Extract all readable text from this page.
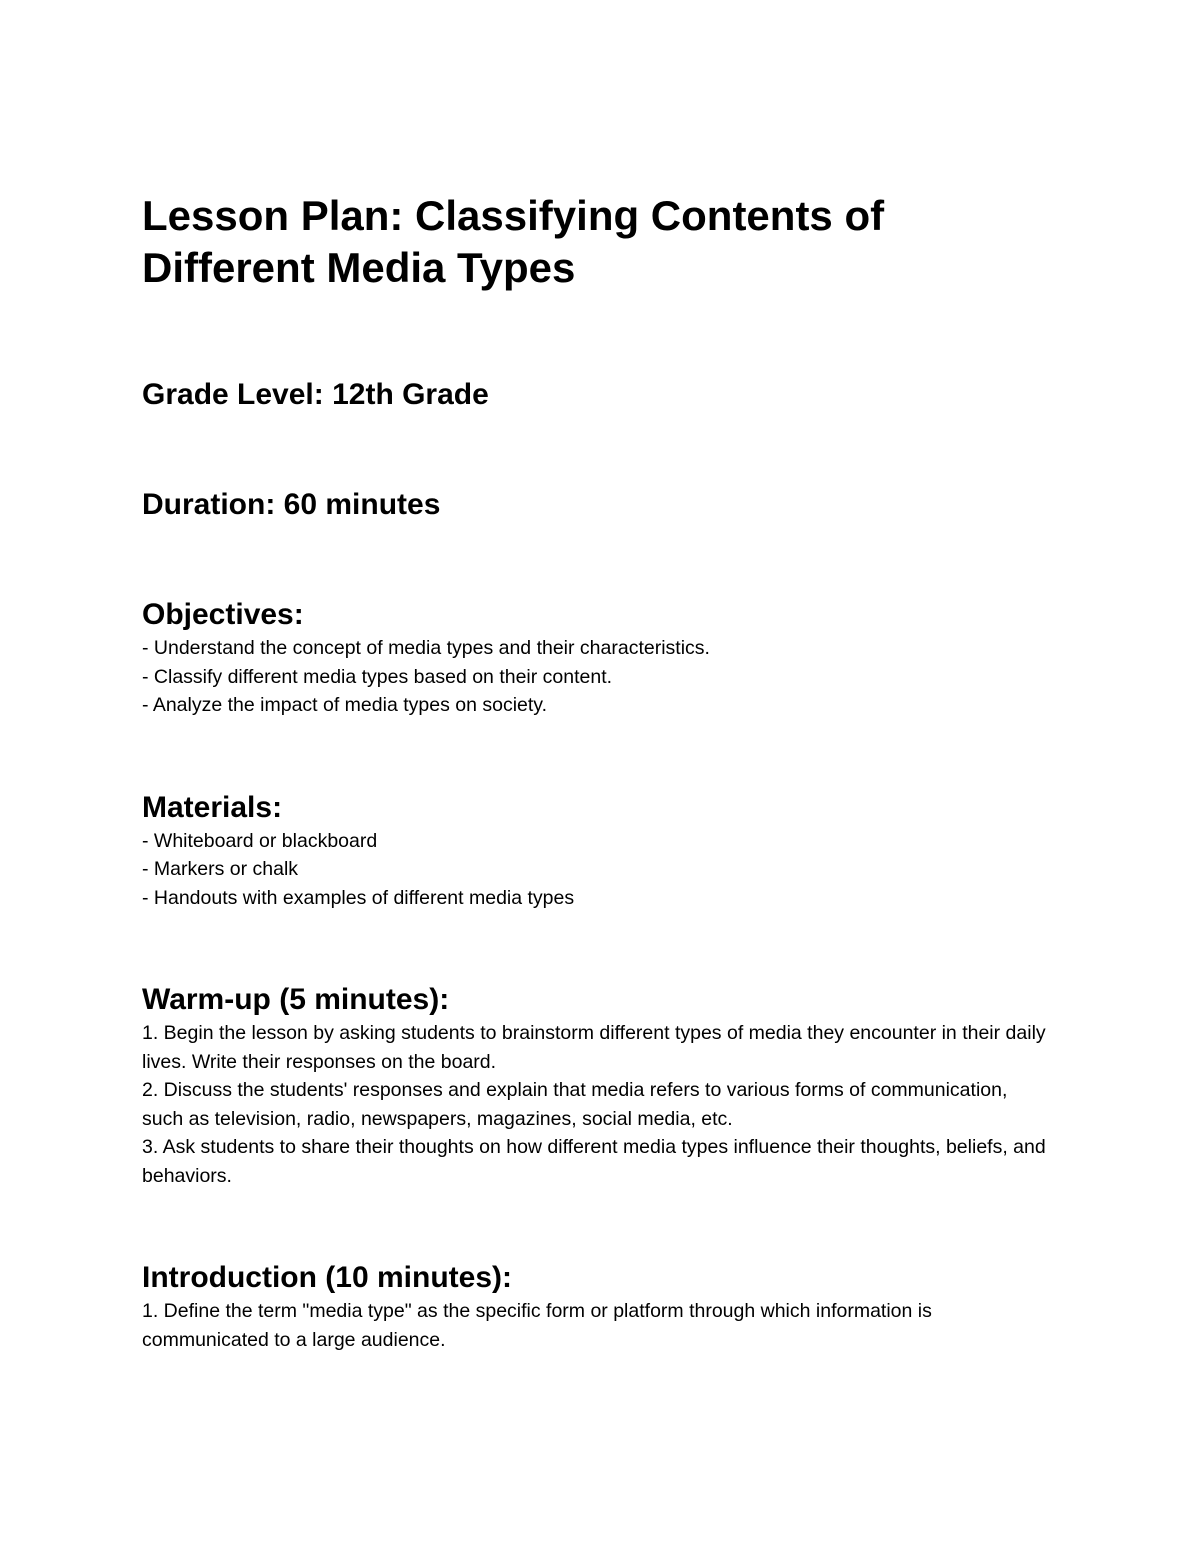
Lesson Plan: Classifying Contents of Different Media Types
Grade Level: 12th Grade
Duration: 60 minutes
Objectives:
- Understand the concept of media types and their characteristics.
- Classify different media types based on their content.
- Analyze the impact of media types on society.
Materials:
- Whiteboard or blackboard
- Markers or chalk
- Handouts with examples of different media types
Warm-up (5 minutes):
1. Begin the lesson by asking students to brainstorm different types of media they encounter in their daily lives. Write their responses on the board.
2. Discuss the students' responses and explain that media refers to various forms of communication, such as television, radio, newspapers, magazines, social media, etc.
3. Ask students to share their thoughts on how different media types influence their thoughts, beliefs, and behaviors.
Introduction (10 minutes):
1. Define the term "media type" as the specific form or platform through which information is communicated to a large audience.
